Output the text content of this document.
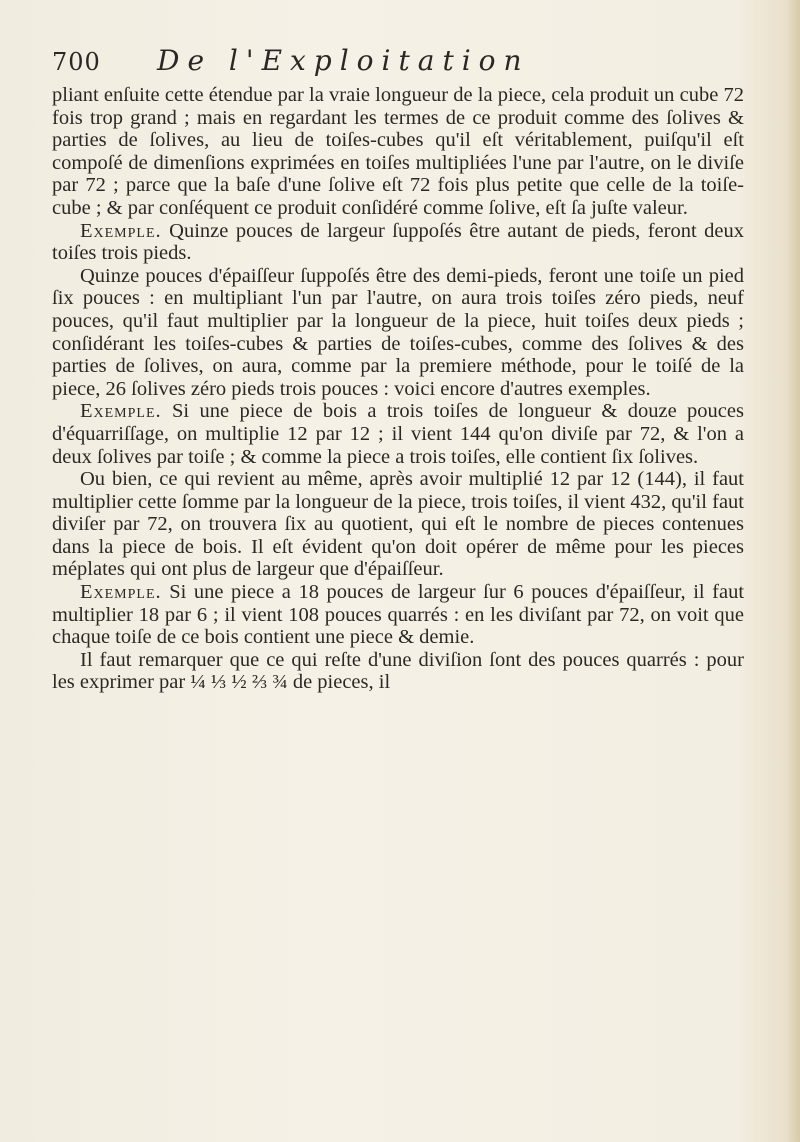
700 De l'Exploitation

pliant enſuite cette étendue par la vraie longueur de la piece, cela produit un cube 72 fois trop grand ; mais en regardant les termes de ce produit comme des ſolives & parties de ſolives, au lieu de toiſes-cubes qu'il eſt véritablement, puiſqu'il eſt compoſé de dimenſions exprimées en toiſes multipliées l'une par l'autre, on le diviſe par 72 ; parce que la baſe d'une ſolive eſt 72 fois plus petite que celle de la toiſe-cube ; & par conſéquent ce produit conſidéré comme ſolive, eſt ſa juſte valeur.

Exemple. Quinze pouces de largeur ſuppoſés être autant de pieds, feront deux toiſes trois pieds.

Quinze pouces d'épaiſſeur ſuppoſés être des demi-pieds, feront une toiſe un pied ſix pouces : en multipliant l'un par l'autre, on aura trois toiſes zéro pieds, neuf pouces, qu'il faut multiplier par la longueur de la piece, huit toiſes deux pieds ; conſidérant les toiſes-cubes & parties de toiſes-cubes, comme des ſolives & des parties de ſolives, on aura, comme par la premiere méthode, pour le toiſé de la piece, 26 ſolives zéro pieds trois pouces : voici encore d'autres exemples.

Exemple. Si une piece de bois a trois toiſes de longueur & douze pouces d'équarriſſage, on multiplie 12 par 12 ; il vient 144 qu'on diviſe par 72, & l'on a deux ſolives par toiſe ; & comme la piece a trois toiſes, elle contient ſix ſolives.

Ou bien, ce qui revient au même, après avoir multiplié 12 par 12 (144), il faut multiplier cette ſomme par la longueur de la piece, trois toiſes, il vient 432, qu'il faut diviſer par 72, on trouvera ſix au quotient, qui eſt le nombre de pieces contenues dans la piece de bois. Il eſt évident qu'on doit opérer de même pour les pieces méplates qui ont plus de largeur que d'épaiſſeur.

Exemple. Si une piece a 18 pouces de largeur ſur 6 pouces d'épaiſſeur, il faut multiplier 18 par 6 ; il vient 108 pouces quarrés : en les diviſant par 72, on voit que chaque toiſe de ce bois contient une piece & demie.

Il faut remarquer que ce qui reſte d'une diviſion ſont des pouces quarrés : pour les exprimer par ¼ ⅓ ½ ⅔ ¾ de pieces, il
